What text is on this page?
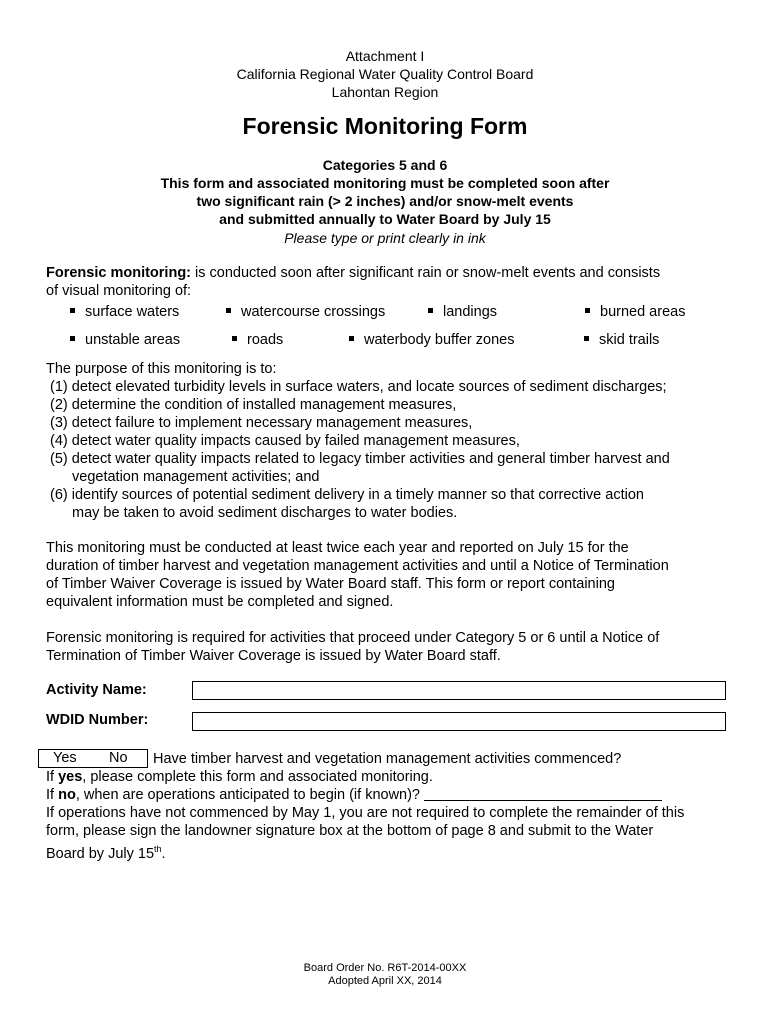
Attachment I
California Regional Water Quality Control Board
Lahontan Region
Forensic Monitoring Form
Categories 5 and 6
This form and associated monitoring must be completed soon after
two significant rain (> 2 inches) and/or snow-melt events
and submitted annually to Water Board by July 15
Please type or print clearly in ink
Forensic monitoring: is conducted soon after significant rain or snow-melt events and consists
of visual monitoring of:
surface waters	watercourse crossings	landings	burned areas
unstable areas	roads	waterbody buffer zones	skid trails
The purpose of this monitoring is to:
(1) detect elevated turbidity levels in surface waters, and locate sources of sediment discharges;
(2) determine the condition of installed management measures,
(3) detect failure to implement necessary management measures,
(4) detect water quality impacts caused by failed management measures,
(5) detect water quality impacts related to legacy timber activities and general timber harvest and
vegetation management activities; and
(6) identify sources of potential sediment delivery in a timely manner so that corrective action
may be taken to avoid sediment discharges to water bodies.
This monitoring must be conducted at least twice each year and reported on July 15 for the
duration of timber harvest and vegetation management activities and until a Notice of Termination
of Timber Waiver Coverage is issued by Water Board staff. This form or report containing
equivalent information must be completed and signed.
Forensic monitoring is required for activities that proceed under Category 5 or 6 until a Notice of
Termination of Timber Waiver Coverage is issued by Water Board staff.
Activity Name:
WDID Number:
Yes No Have timber harvest and vegetation management activities commenced?
If yes, please complete this form and associated monitoring.
If no, when are operations anticipated to begin (if known)?
If operations have not commenced by May 1, you are not required to complete the remainder of this
form, please sign the landowner signature box at the bottom of page 8 and submit to the Water
Board by July 15th.
Board Order No. R6T-2014-00XX
Adopted April XX, 2014
